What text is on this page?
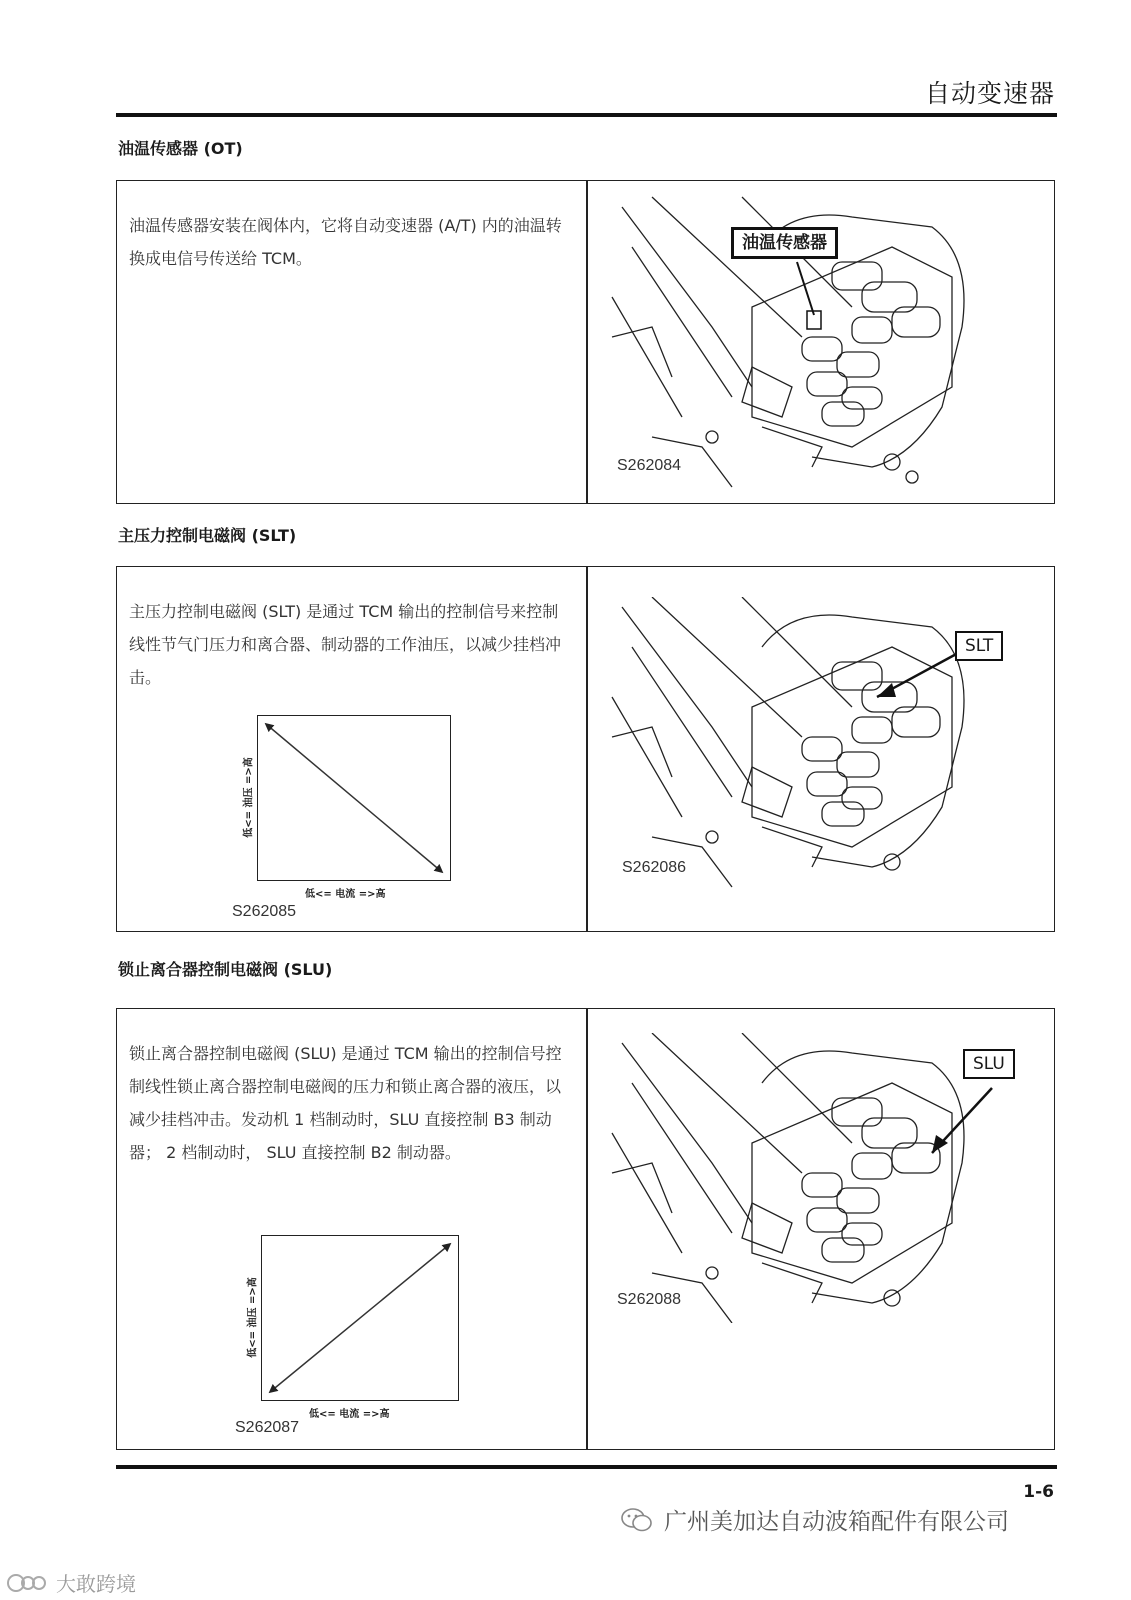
自动变速器
油温传感器 (OT)
油温传感器安装在阀体内，它将自动变速器 (A/T) 内的油温转换成电信号传送给 TCM。
油温传感器
S262084
主压力控制电磁阀 (SLT)
主压力控制电磁阀 (SLT) 是通过 TCM 输出的控制信号来控制线性节气门压力和离合器、制动器的工作油压，以减少挂档冲击。
低<= 油压 =>高
低<= 电流 =>高
S262085
SLT
S262086
锁止离合器控制电磁阀 (SLU)
锁止离合器控制电磁阀 (SLU) 是通过 TCM 输出的控制信号控制线性锁止离合器控制电磁阀的压力和锁止离合器的液压，以减少挂档冲击。发动机 1 档制动时，SLU 直接控制 B3 制动器； 2 档制动时， SLU 直接控制 B2 制动器。
低<= 油压 =>高
低<= 电流 =>高
S262087
SLU
S262088
1-6
广州美加达自动波箱配件有限公司
大敢跨境
